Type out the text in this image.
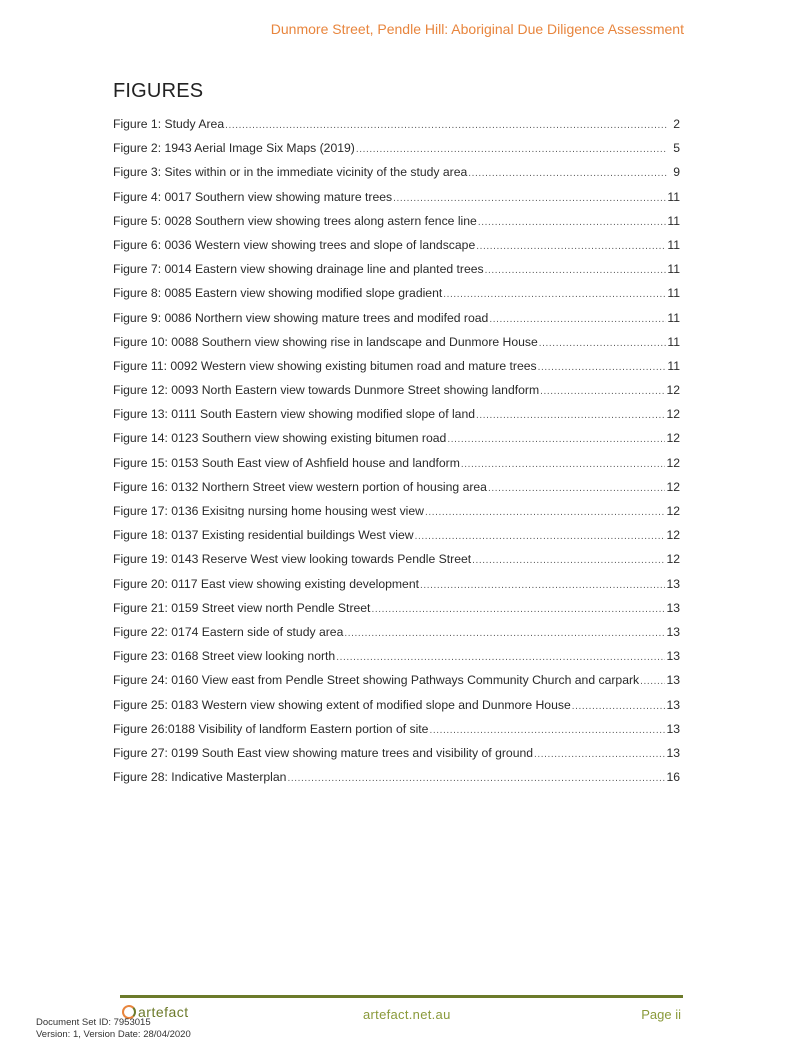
Dunmore Street, Pendle Hill: Aboriginal Due Diligence Assessment
FIGURES
Figure 1: Study Area .....	2
Figure 2: 1943 Aerial Image Six Maps (2019) .....	5
Figure 3: Sites within or in the immediate vicinity of the study area .....	9
Figure 4: 0017 Southern view showing mature trees .....	11
Figure 5: 0028 Southern view showing trees along astern fence line .....	11
Figure 6: 0036 Western view showing trees and slope of landscape .....	11
Figure 7: 0014 Eastern view showing drainage line and planted trees .....	11
Figure 8: 0085 Eastern view showing modified slope gradient .....	11
Figure 9: 0086 Northern view showing mature trees and modifed road .....	11
Figure 10: 0088 Southern view showing rise in landscape and Dunmore House .....	11
Figure 11: 0092 Western view showing existing bitumen road and mature trees .....	11
Figure 12: 0093 North Eastern view towards Dunmore Street showing landform .....	12
Figure 13: 0111 South Eastern view showing modified slope of land .....	12
Figure 14: 0123 Southern view showing existing bitumen road .....	12
Figure 15: 0153 South East view of Ashfield house and landform .....	12
Figure 16: 0132 Northern Street view western portion of housing area .....	12
Figure 17: 0136 Exisitng nursing home housing west view .....	12
Figure 18: 0137 Existing residential buildings West view .....	12
Figure 19: 0143 Reserve West view looking towards Pendle Street .....	12
Figure 20: 0117 East view showing existing development .....	13
Figure 21: 0159 Street view north Pendle Street .....	13
Figure 22: 0174 Eastern side of study area .....	13
Figure 23: 0168 Street view looking north .....	13
Figure 24: 0160 View east from Pendle Street showing Pathways Community Church and carpark ..... 13
Figure 25: 0183 Western view showing extent of modified slope and Dunmore House .....	13
Figure 26:0188 Visibility of landform Eastern portion of site .....	13
Figure 27: 0199 South East view showing mature trees and visibility of ground .....	13
Figure 28: Indicative Masterplan .....	16
artefact	artefact.net.au	Page ii
Document Set ID: 7953015
Version: 1, Version Date: 28/04/2020
